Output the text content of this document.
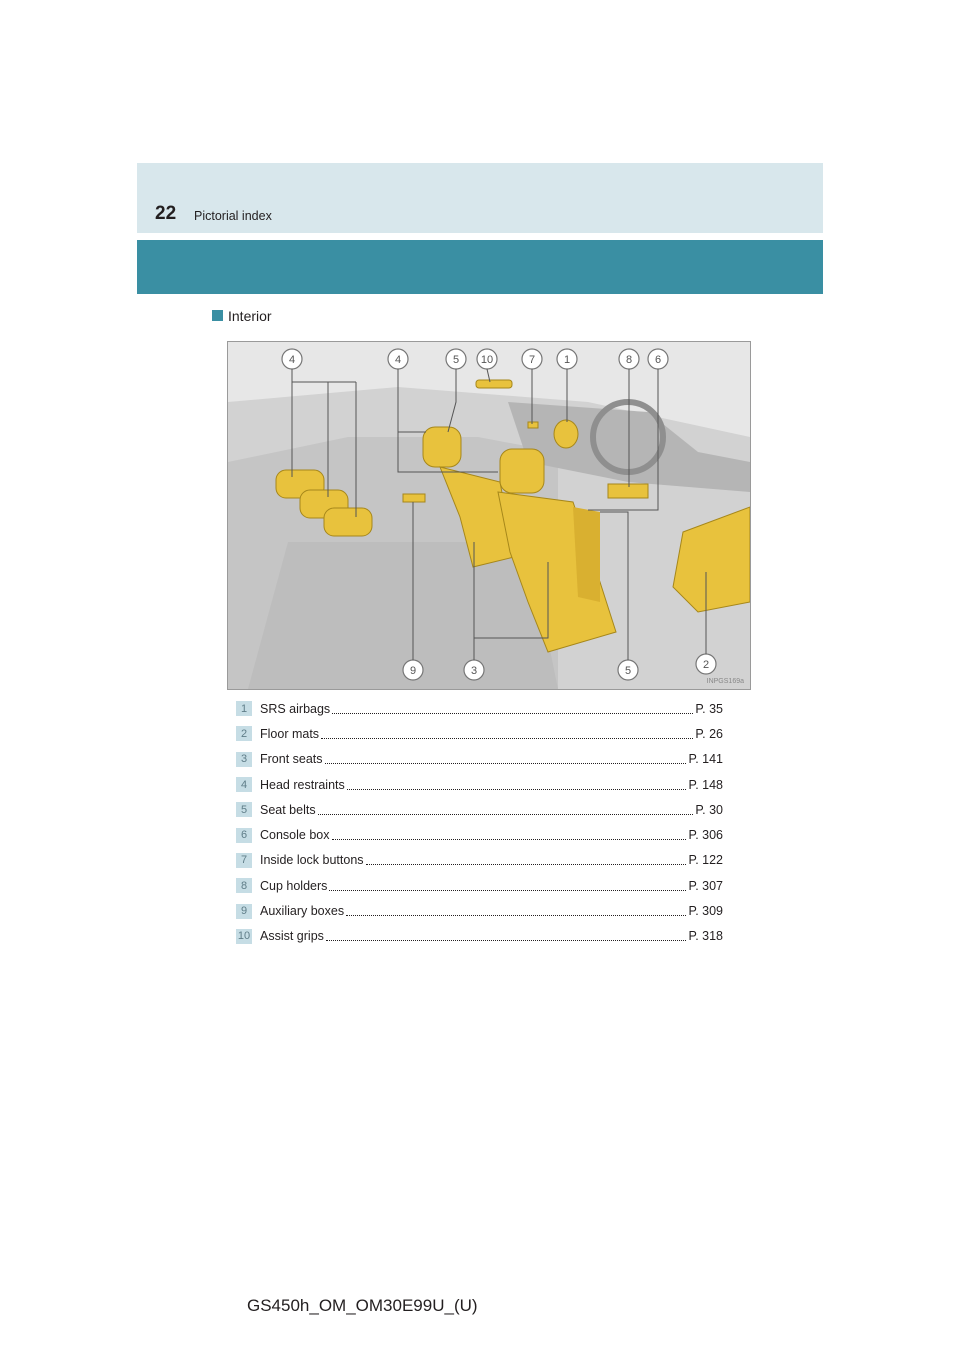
22 Pictorial index
Interior
4	4	5 10	7	1	8 6
9	3	5	2
INPGS169a
1	SRS airbags	P. 35
2	Floor mats	P. 26
3	Front seats	P. 141
4	Head restraints	P. 148
5	Seat belts	P. 30
6	Console box	P. 306
7	Inside lock buttons	P. 122
8	Cup holders	P. 307
9	Auxiliary boxes	P. 309
10 Assist grips	P. 318
GS450h_OM_OM30E99U_(U)
